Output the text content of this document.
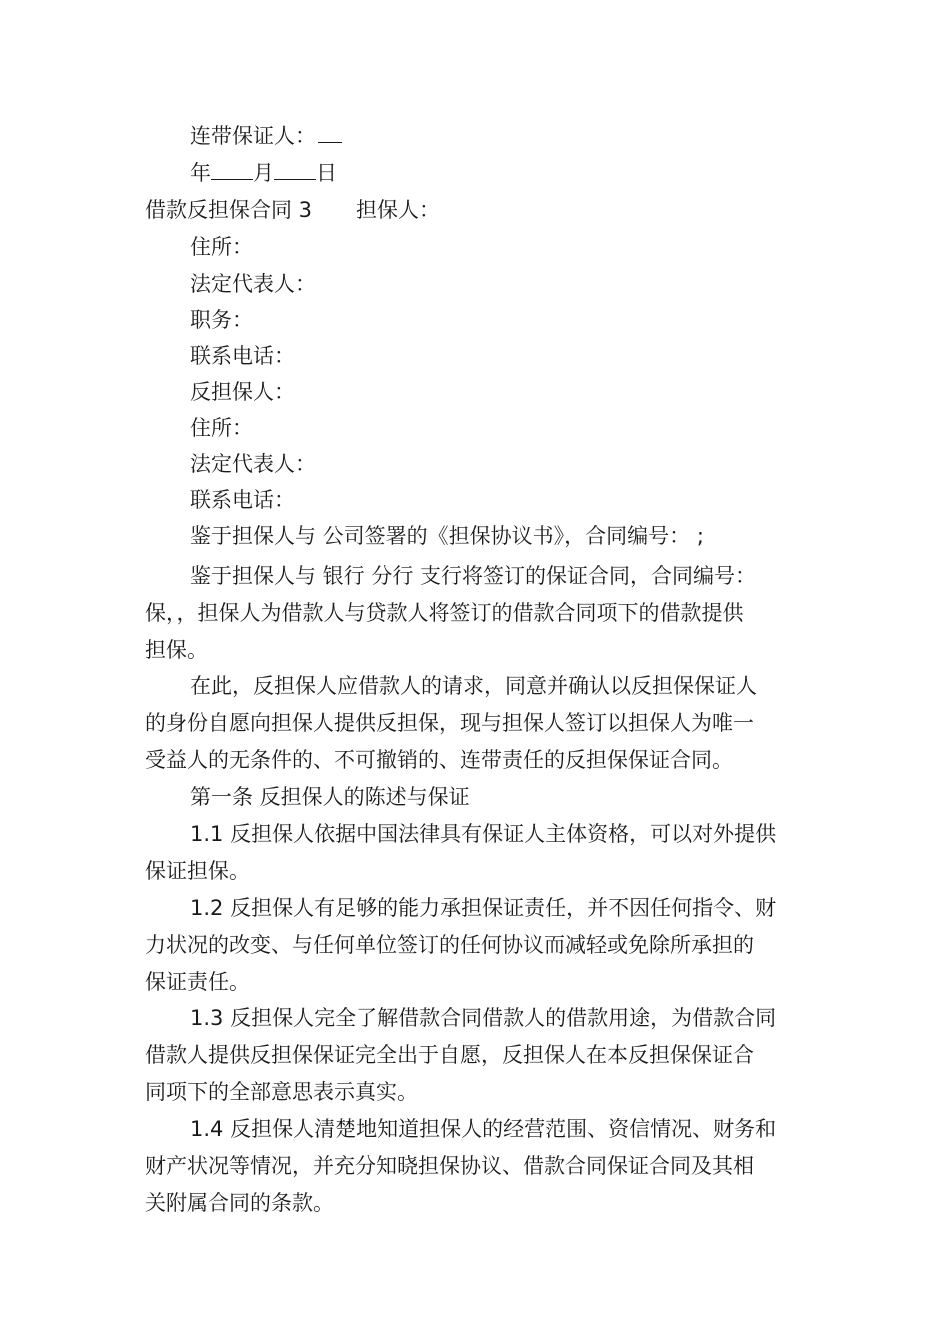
连带保证人：
年 月 日
借款反担保合同 3 担保人：
住所：
法定代表人：
职务：
联系电话：
反担保人：
住所：
法定代表人：
联系电话：
鉴于担保人与 公司签署的《担保协议书》，合同编号： ;
鉴于担保人与 银行 分行 支行将签订的保证合同，合同编号：
保，，担保人为借款人与贷款人将签订的借款合同项下的借款提供
担保。
在此，反担保人应借款人的请求，同意并确认以反担保保证人
的身份自愿向担保人提供反担保，现与担保人签订以担保人为唯一
受益人的无条件的、不可撤销的、连带责任的反担保保证合同。
第一条 反担保人的陈述与保证
1.1 反担保人依据中国法律具有保证人主体资格，可以对外提供
保证担保。
1.2 反担保人有足够的能力承担保证责任，并不因任何指令、财
力状况的改变、与任何单位签订的任何协议而减轻或免除所承担的
保证责任。
1.3 反担保人完全了解借款合同借款人的借款用途，为借款合同
借款人提供反担保保证完全出于自愿，反担保人在本反担保保证合
同项下的全部意思表示真实。
1.4 反担保人清楚地知道担保人的经营范围、资信情况、财务和
财产状况等情况，并充分知晓担保协议、借款合同保证合同及其相
关附属合同的条款。
